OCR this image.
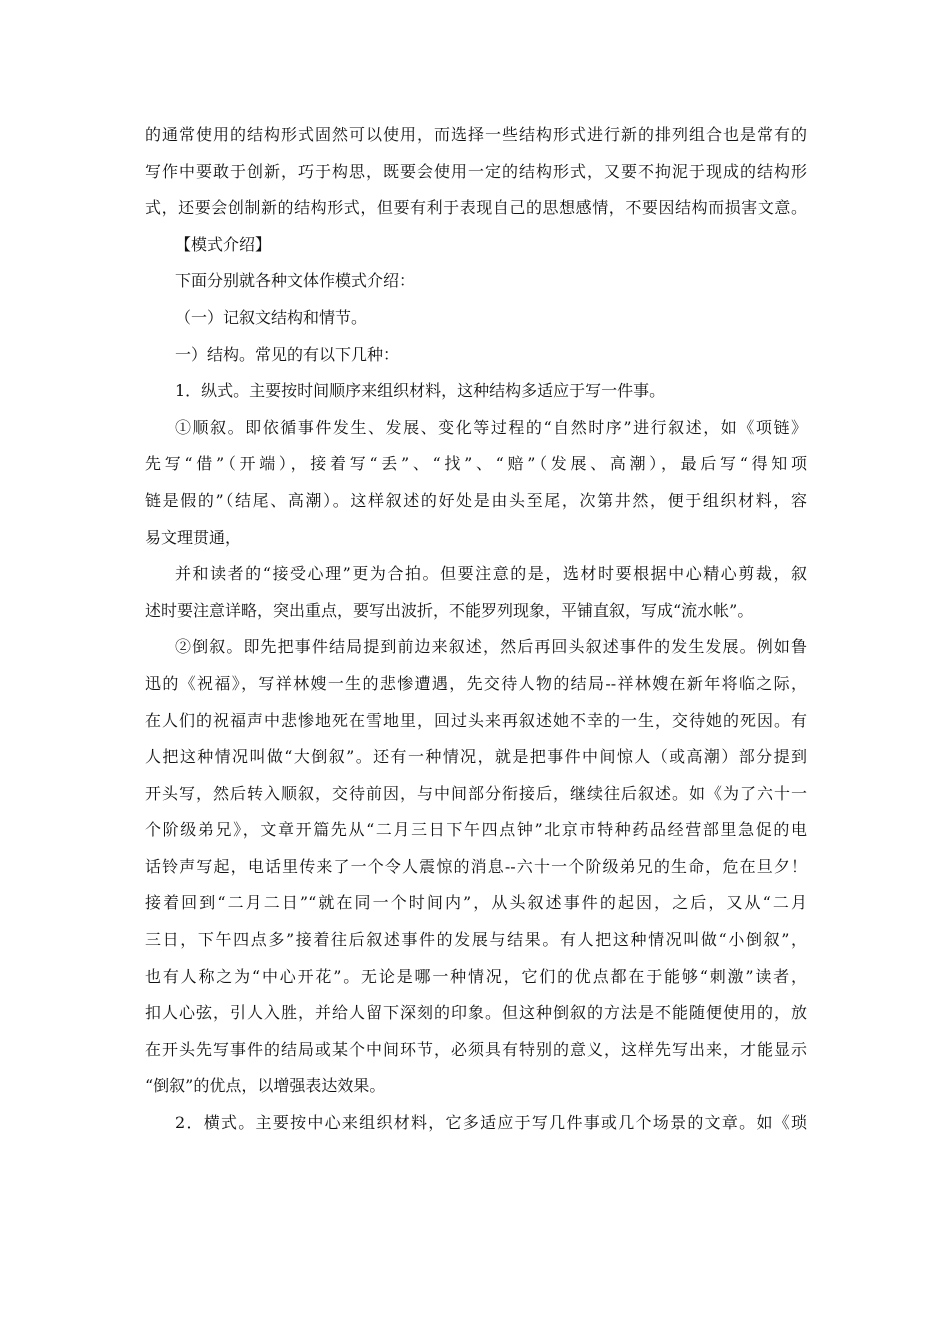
的通常使用的结构形式固然可以使用，而选择一些结构形式进行新的排列组合也是常有的
写作中要敢于创新，巧于构思，既要会使用一定的结构形式，又要不拘泥于现成的结构形
式，还要会创制新的结构形式，但要有利于表现自己的思想感情，不要因结构而损害文意。
【模式介绍】
下面分别就各种文体作模式介绍：
（一）记叙文结构和情节。
一）结构。常见的有以下几种：
1．纵式。主要按时间顺序来组织材料，这种结构多适应于写一件事。
①顺叙。即依循事件发生、发展、变化等过程的“自然时序”进行叙述，如《项链》
先写“借”（开端），接着写“丢”、“找”、“赔”（发展、高潮），最后写“得知项
链是假的”（结尾、高潮）。这样叙述的好处是由头至尾，次第井然，便于组织材料，容
易文理贯通，
并和读者的“接受心理”更为合拍。但要注意的是，选材时要根据中心精心剪裁，叙
述时要注意详略，突出重点，要写出波折，不能罗列现象，平铺直叙，写成“流水帐”。
②倒叙。即先把事件结局提到前边来叙述，然后再回头叙述事件的发生发展。例如鲁
迅的《祝福》，写祥林嫂一生的悲惨遭遇，先交待人物的结局--祥林嫂在新年将临之际，
在人们的祝福声中悲惨地死在雪地里，回过头来再叙述她不幸的一生，交待她的死因。有
人把这种情况叫做“大倒叙”。还有一种情况，就是把事件中间惊人（或高潮）部分提到
开头写，然后转入顺叙，交待前因，与中间部分衔接后，继续往后叙述。如《为了六十一
个阶级弟兄》，文章开篇先从“二月三日下午四点钟”北京市特种药品经营部里急促的电
话铃声写起，电话里传来了一个令人震惊的消息--六十一个阶级弟兄的生命，危在旦夕！
接着回到“二月二日”“就在同一个时间内”，从头叙述事件的起因，之后，又从“二月
三日，下午四点多”接着往后叙述事件的发展与结果。有人把这种情况叫做“小倒叙”，
也有人称之为“中心开花”。无论是哪一种情况，它们的优点都在于能够“刺激”读者，
扣人心弦，引人入胜，并给人留下深刻的印象。但这种倒叙的方法是不能随便使用的，放
在开头先写事件的结局或某个中间环节，必须具有特别的意义，这样先写出来，才能显示
“倒叙”的优点，以增强表达效果。
2．横式。主要按中心来组织材料，它多适应于写几件事或几个场景的文章。如《琐
